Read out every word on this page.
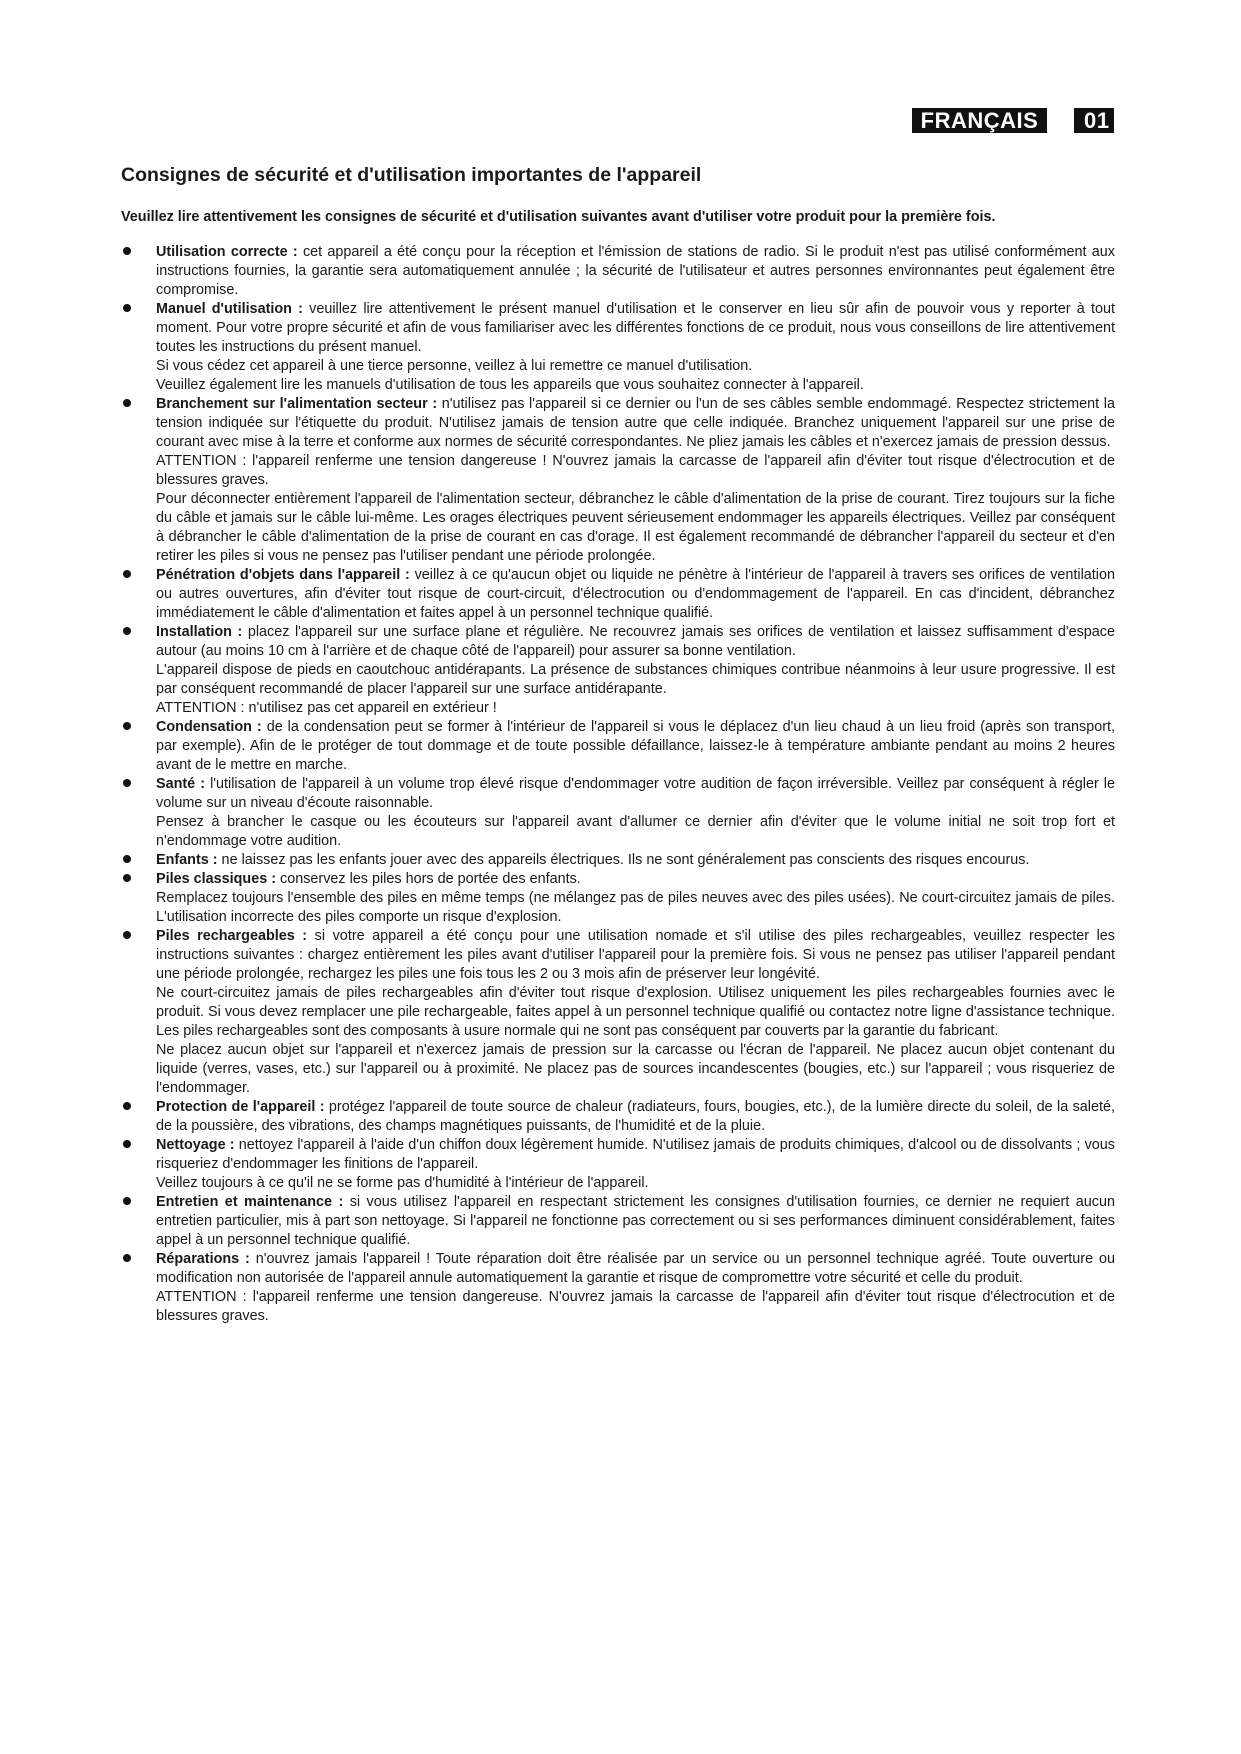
FRANÇAIS	01
Consignes de sécurité et d'utilisation importantes de l'appareil

Veuillez lire attentivement les consignes de sécurité et d'utilisation suivantes avant d'utiliser votre produit pour la première fois.

Utilisation correcte : cet appareil a été conçu pour la réception et l'émission de stations de radio. Si le produit n'est pas utilisé conformément aux instructions fournies, la garantie sera automatiquement annulée ; la sécurité de l'utilisateur et autres personnes environnantes peut également être compromise.
Manuel d'utilisation : veuillez lire attentivement le présent manuel d'utilisation et le conserver en lieu sûr afin de pouvoir vous y reporter à tout moment. Pour votre propre sécurité et afin de vous familiariser avec les différentes fonctions de ce produit, nous vous conseillons de lire attentivement toutes les instructions du présent manuel.
Si vous cédez cet appareil à une tierce personne, veillez à lui remettre ce manuel d'utilisation.
Veuillez également lire les manuels d'utilisation de tous les appareils que vous souhaitez connecter à l'appareil.
Branchement sur l'alimentation secteur : n'utilisez pas l'appareil si ce dernier ou l'un de ses câbles semble endommagé. Respectez strictement la tension indiquée sur l'étiquette du produit. N'utilisez jamais de tension autre que celle indiquée. Branchez uniquement l'appareil sur une prise de courant avec mise à la terre et conforme aux normes de sécurité correspondantes. Ne pliez jamais les câbles et n'exercez jamais de pression dessus.
ATTENTION : l'appareil renferme une tension dangereuse ! N'ouvrez jamais la carcasse de l'appareil afin d'éviter tout risque d'électrocution et de blessures graves.
Pour déconnecter entièrement l'appareil de l'alimentation secteur, débranchez le câble d'alimentation de la prise de courant. Tirez toujours sur la fiche du câble et jamais sur le câble lui-même. Les orages électriques peuvent sérieusement endommager les appareils électriques. Veillez par conséquent à débrancher le câble d'alimentation de la prise de courant en cas d'orage. Il est également recommandé de débrancher l'appareil du secteur et d'en retirer les piles si vous ne pensez pas l'utiliser pendant une période prolongée.
Pénétration d'objets dans l'appareil : veillez à ce qu'aucun objet ou liquide ne pénètre à l'intérieur de l'appareil à travers ses orifices de ventilation ou autres ouvertures, afin d'éviter tout risque de court-circuit, d'électrocution ou d'endommagement de l'appareil. En cas d'incident, débranchez immédiatement le câble d'alimentation et faites appel à un personnel technique qualifié.
Installation : placez l'appareil sur une surface plane et régulière. Ne recouvrez jamais ses orifices de ventilation et laissez suffisamment d'espace autour (au moins 10 cm à l'arrière et de chaque côté de l'appareil) pour assurer sa bonne ventilation.
L'appareil dispose de pieds en caoutchouc antidérapants. La présence de substances chimiques contribue néanmoins à leur usure progressive. Il est par conséquent recommandé de placer l'appareil sur une surface antidérapante.
ATTENTION : n'utilisez pas cet appareil en extérieur !
Condensation : de la condensation peut se former à l'intérieur de l'appareil si vous le déplacez d'un lieu chaud à un lieu froid (après son transport, par exemple). Afin de le protéger de tout dommage et de toute possible défaillance, laissez-le à température ambiante pendant au moins 2 heures avant de le mettre en marche.
Santé : l'utilisation de l'appareil à un volume trop élevé risque d'endommager votre audition de façon irréversible. Veillez par conséquent à régler le volume sur un niveau d'écoute raisonnable.
Pensez à brancher le casque ou les écouteurs sur l'appareil avant d'allumer ce dernier afin d'éviter que le volume initial ne soit trop fort et n'endommage votre audition.
Enfants : ne laissez pas les enfants jouer avec des appareils électriques. Ils ne sont généralement pas conscients des risques encourus.
Piles classiques : conservez les piles hors de portée des enfants.
Remplacez toujours l'ensemble des piles en même temps (ne mélangez pas de piles neuves avec des piles usées). Ne court-circuitez jamais de piles. L'utilisation incorrecte des piles comporte un risque d'explosion.
Piles rechargeables : si votre appareil a été conçu pour une utilisation nomade et s'il utilise des piles rechargeables, veuillez respecter les instructions suivantes : chargez entièrement les piles avant d'utiliser l'appareil pour la première fois. Si vous ne pensez pas utiliser l'appareil pendant une période prolongée, rechargez les piles une fois tous les 2 ou 3 mois afin de préserver leur longévité.
Ne court-circuitez jamais de piles rechargeables afin d'éviter tout risque d'explosion. Utilisez uniquement les piles rechargeables fournies avec le produit. Si vous devez remplacer une pile rechargeable, faites appel à un personnel technique qualifié ou contactez notre ligne d'assistance technique. Les piles rechargeables sont des composants à usure normale qui ne sont pas conséquent par couverts par la garantie du fabricant.
Ne placez aucun objet sur l'appareil et n'exercez jamais de pression sur la carcasse ou l'écran de l'appareil. Ne placez aucun objet contenant du liquide (verres, vases, etc.) sur l'appareil ou à proximité. Ne placez pas de sources incandescentes (bougies, etc.) sur l'appareil ; vous risqueriez de l'endommager.
Protection de l'appareil : protégez l'appareil de toute source de chaleur (radiateurs, fours, bougies, etc.), de la lumière directe du soleil, de la saleté, de la poussière, des vibrations, des champs magnétiques puissants, de l'humidité et de la pluie.
Nettoyage : nettoyez l'appareil à l'aide d'un chiffon doux légèrement humide. N'utilisez jamais de produits chimiques, d'alcool ou de dissolvants ; vous risqueriez d'endommager les finitions de l'appareil.
Veillez toujours à ce qu'il ne se forme pas d'humidité à l'intérieur de l'appareil.
Entretien et maintenance : si vous utilisez l'appareil en respectant strictement les consignes d'utilisation fournies, ce dernier ne requiert aucun entretien particulier, mis à part son nettoyage. Si l'appareil ne fonctionne pas correctement ou si ses performances diminuent considérablement, faites appel à un personnel technique qualifié.
Réparations : n'ouvrez jamais l'appareil ! Toute réparation doit être réalisée par un service ou un personnel technique agréé. Toute ouverture ou modification non autorisée de l'appareil annule automatiquement la garantie et risque de compromettre votre sécurité et celle du produit.
ATTENTION : l'appareil renferme une tension dangereuse. N'ouvrez jamais la carcasse de l'appareil afin d'éviter tout risque d'électrocution et de blessures graves.
